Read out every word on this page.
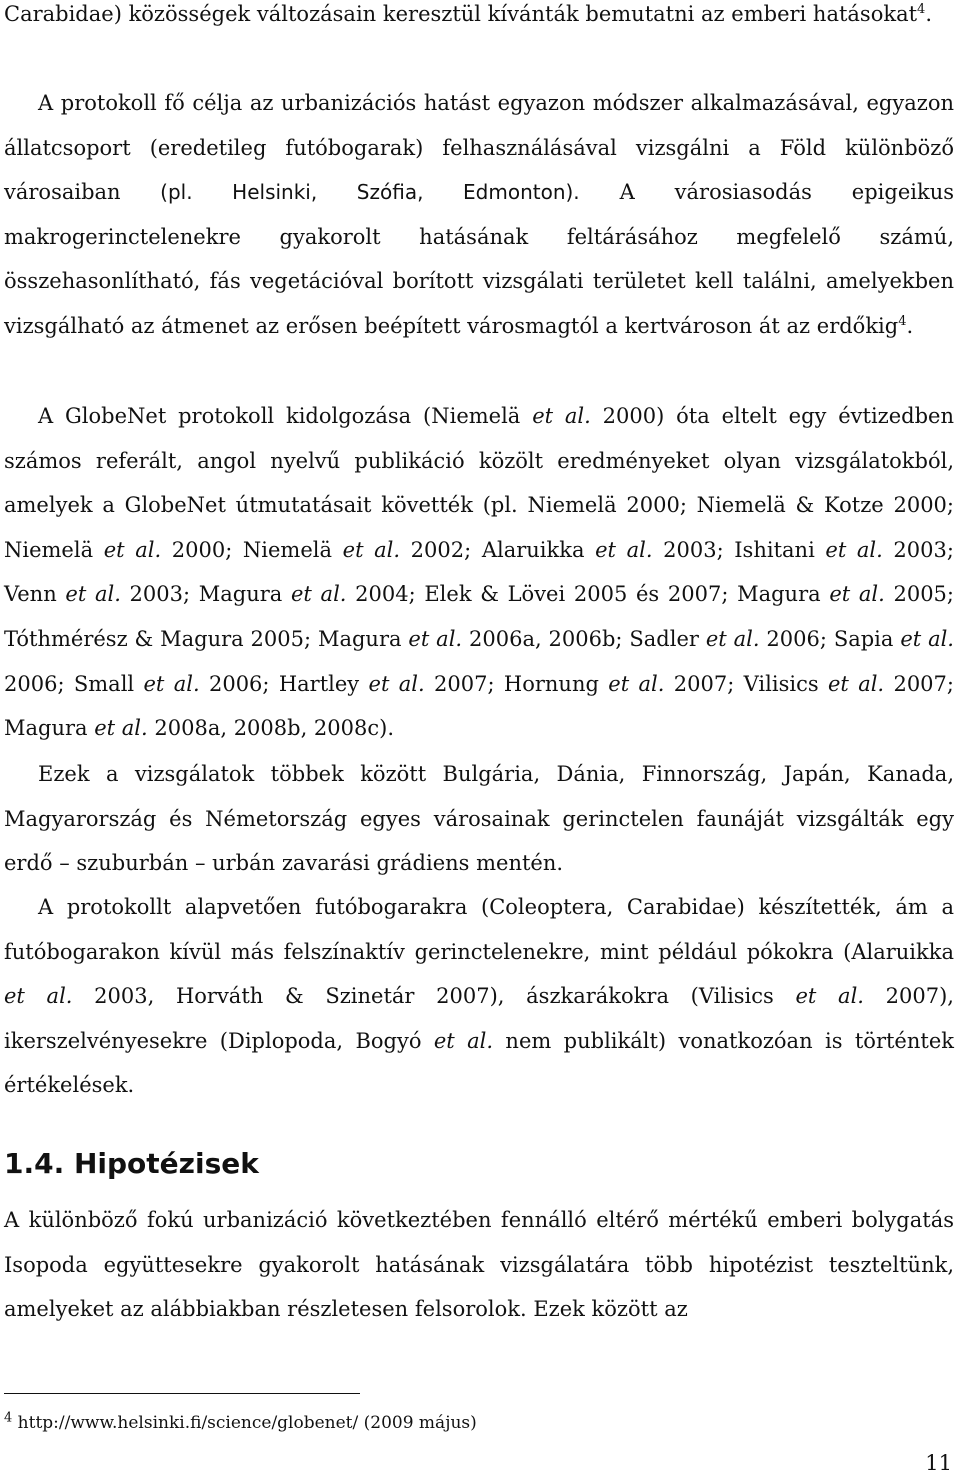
Carabidae) közösségek változásain keresztül kívánták bemutatni az emberi hatásokat$^4$.

A protokoll fő célja az urbanizációs hatást egyazon módszer alkalmazásával, egyazon állatcsoport (eredetileg futóbogarak) felhasználásával vizsgálni a Föld különböző városaiban (pl. Helsinki, Szófia, Edmonton). A városiasodás epigeikus makrogerinctelenekre gyakorolt hatásának feltárásához megfelelő számú, összehasonlítható, fás vegetációval borított vizsgálati területet kell találni, amelyekben vizsgálható az átmenet az erősen beépített városmagtól a kertvároson át az erdőkig$^4$.

A GlobeNet protokoll kidolgozása (Niemelä et al. 2000) óta eltelt egy évtizedben számos referált, angol nyelvű publikáció közölt eredményeket olyan vizsgálatokból, amelyek a GlobeNet útmutatásait követték (pl. Niemelä 2000; Niemelä & Kotze 2000; Niemelä et al. 2000; Niemelä et al. 2002; Alaruikka et al. 2003; Ishitani et al. 2003; Venn et al. 2003; Magura et al. 2004; Elek & Lövei 2005 és 2007; Magura et al. 2005; Tóthmérész & Magura 2005; Magura et al. 2006a, 2006b; Sadler et al. 2006; Sapia et al. 2006; Small et al. 2006; Hartley et al. 2007; Hornung et al. 2007; Vilisics et al. 2007; Magura et al. 2008a, 2008b, 2008c).

Ezek a vizsgálatok többek között Bulgária, Dánia, Finnország, Japán, Kanada, Magyarország és Németország egyes városainak gerinctelen faunáját vizsgálták egy erdő – szuburbán – urbán zavarási grádiens mentén.

A protokollt alapvetően futóbogarakra (Coleoptera, Carabidae) készítették, ám a futóbogarakon kívül más felszínaktív gerinctelenekre, mint például pókokra (Alaruikka et al. 2003, Horváth & Szinetár 2007), ászkarákokra (Vilisics et al. 2007), ikerszelvényesekre (Diplopoda, Bogyó et al. nem publikált) vonatkozóan is történtek értékelések.

1.4. Hipotézisek

A különböző fokú urbanizáció következtében fennálló eltérő mértékű emberi bolygatás Isopoda együttesekre gyakorolt hatásának vizsgálatára több hipotézist teszteltünk, amelyeket az alábbiakban részletesen felsorolok. Ezek között az

$^4$ http://www.helsinki.fi/science/globenet/ (2009 május)

11
